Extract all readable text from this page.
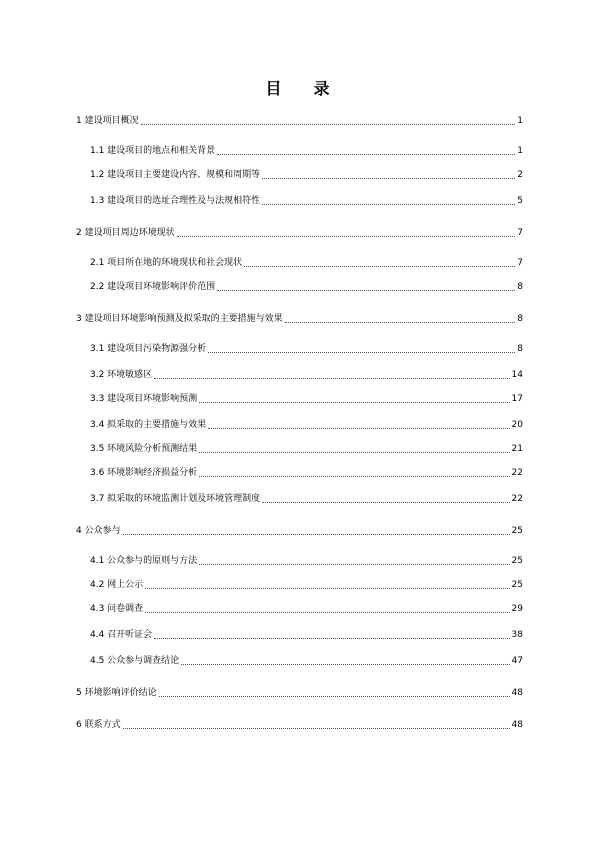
目 录
1 建设项目概况	1
1.1 建设项目的地点和相关背景	1
1.2 建设项目主要建设内容、规模和周期等	2
1.3 建设项目的选址合理性及与法规相符性	5
2 建设项目周边环境现状	7
2.1 项目所在地的环境现状和社会现状	7
2.2 建设项目环境影响评价范围	8
3 建设项目环境影响预测及拟采取的主要措施与效果	8
3.1 建设项目污染物源强分析	8
3.2 环境敏感区	14
3.3 建设项目环境影响预测	17
3.4 拟采取的主要措施与效果	20
3.5 环境风险分析预测结果	21
3.6 环境影响经济损益分析	22
3.7 拟采取的环境监测计划及环境管理制度	22
4 公众参与	25
4.1 公众参与的原则与方法	25
4.2 网上公示	25
4.3 问卷调查	29
4.4 召开听证会	38
4.5 公众参与调查结论	47
5 环境影响评价结论	48
6 联系方式	48
